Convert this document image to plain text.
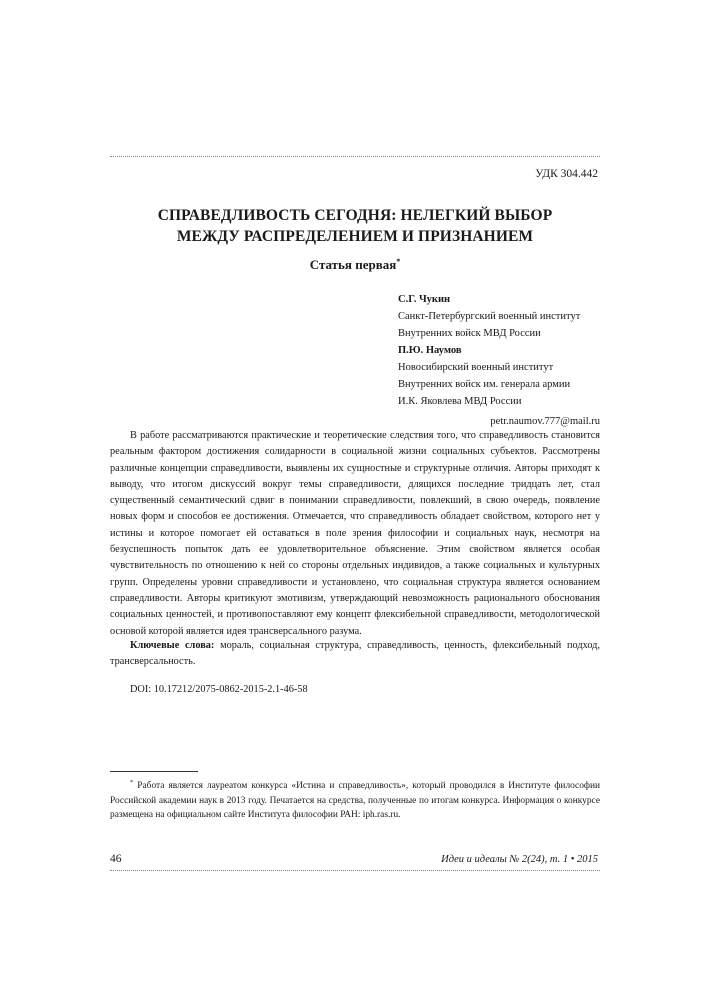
УДК 304.442
СПРАВЕДЛИВОСТЬ СЕГОДНЯ: НЕЛЕГКИЙ ВЫБОР
МЕЖДУ РАСПРЕДЕЛЕНИЕМ И ПРИЗНАНИЕМ
Статья первая*
С.Г. Чукин
Санкт-Петербургский военный институт
Внутренних войск МВД России
П.Ю. Наумов
Новосибирский военный институт
Внутренних войск им. генерала армии
И.К. Яковлева МВД России
petr.naumov.777@mail.ru

В работе рассматриваются практические и теоретические следствия того, что справедливость становится реальным фактором достижения солидарности в социальной жизни социальных субъектов. Рассмотрены различные концепции справедливости, выявлены их сущностные и структурные отличия. Авторы приходят к выводу, что итогом дискуссий вокруг темы справедливости, длящихся последние тридцать лет, стал существенный семантический сдвиг в понимании справедливости, повлекший, в свою очередь, появление новых форм и способов ее достижения. Отмечается, что справедливость обладает свойством, которого нет у истины и которое помогает ей оставаться в поле зрения философии и социальных наук, несмотря на безуспешность попыток дать ее удовлетворительное объяснение. Этим свойством является особая чувствительность по отношению к ней со стороны отдельных индивидов, а также социальных и культурных групп. Определены уровни справедливости и установлено, что социальная структура является основанием справедливости. Авторы критикуют эмотивизм, утверждающий невозможность рационального обоснования социальных ценностей, и противопоставляют ему концепт флексибельной справедливости, методологической основой которой является идея трансверсального разума.

Ключевые слова: мораль, социальная структура, справедливость, ценность, флексибельный подход, трансверсальность.

DOI: 10.17212/2075-0862-2015-2.1-46-58

* Работа является лауреатом конкурса «Истина и справедливость», который проводился в Институте философии Российской академии наук в 2013 году. Печатается на средства, полученные по итогам конкурса. Информация о конкурсе размещена на официальном сайте Института философии РАН: iph.ras.ru.

46	Идеи и идеалы № 2(24), т. 1 • 2015
